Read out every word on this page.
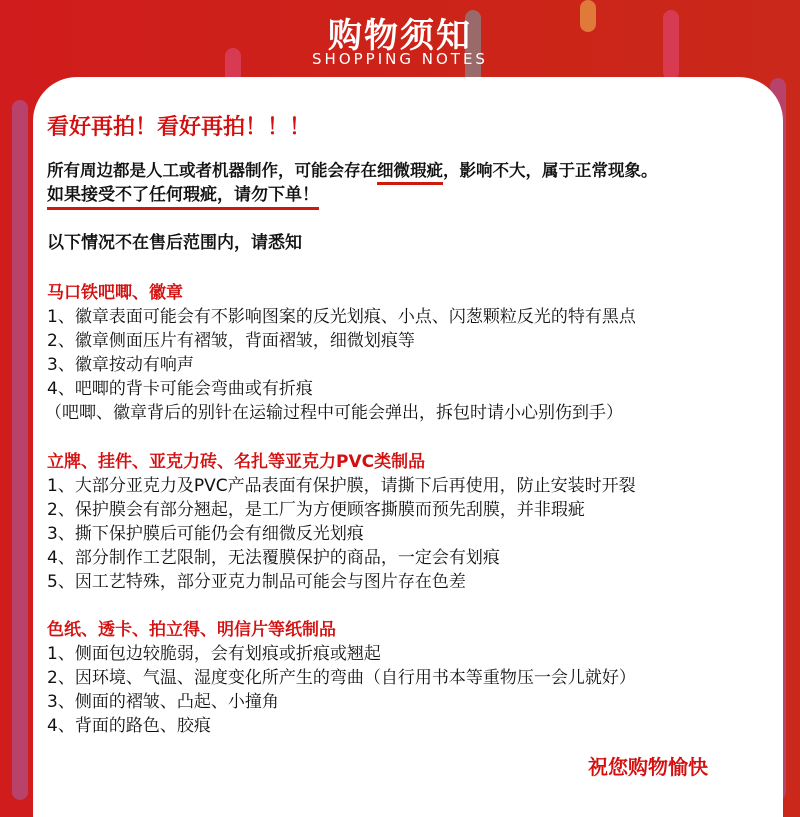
购物须知
SHOPPING NOTES
看好再拍！看好再拍！！！
所有周边都是人工或者机器制作，可能会存在细微瑕疵，影响不大，属于正常现象。
如果接受不了任何瑕疵，请勿下单！
以下情况不在售后范围内，请悉知
马口铁吧唧、徽章
1、徽章表面可能会有不影响图案的反光划痕、小点、闪葱颗粒反光的特有黑点
2、徽章侧面压片有褶皱，背面褶皱，细微划痕等
3、徽章按动有响声
4、吧唧的背卡可能会弯曲或有折痕
（吧唧、徽章背后的别针在运输过程中可能会弹出，拆包时请小心别伤到手）
立牌、挂件、亚克力砖、名扎等亚克力PVC类制品
1、大部分亚克力及PVC产品表面有保护膜，请撕下后再使用，防止安装时开裂
2、保护膜会有部分翘起，是工厂为方便顾客撕膜而预先刮膜，并非瑕疵
3、撕下保护膜后可能仍会有细微反光划痕
4、部分制作工艺限制，无法覆膜保护的商品，一定会有划痕
5、因工艺特殊，部分亚克力制品可能会与图片存在色差
色纸、透卡、拍立得、明信片等纸制品
1、侧面包边较脆弱，会有划痕或折痕或翘起
2、因环境、气温、湿度变化所产生的弯曲（自行用书本等重物压一会儿就好）
3、侧面的褶皱、凸起、小撞角
4、背面的路色、胶痕
祝您购物愉快
